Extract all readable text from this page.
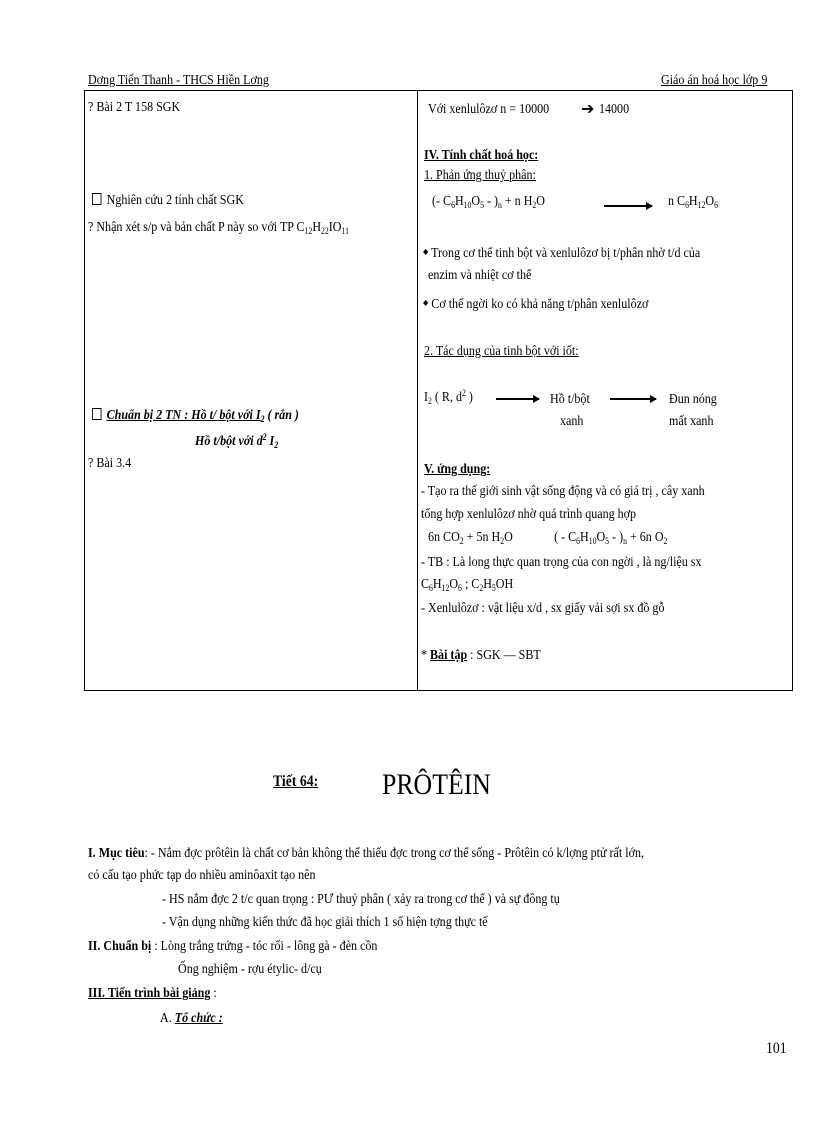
Dơng Tiến Thanh - THCS Hiền Lơng	Giáo án hoá học lớp 9
? Bài 2 T 158 SGK
Nghiên cứu 2 tính chất SGK
? Nhận xét s/p và bản chất P này so với TP $C_{12}H_{22}IO_{11}$
Chuẩn bị 2 TN : Hồ t/ bột với $I_2$ ( rắn )
Hồ t/bột với $d^2$ $I_2$
? Bài 3.4
Với xenlulôzơ n = 10000 ➔ 14000
IV. Tính chất hoá học:
1. Phản ứng thuỷ phân:
(- $C_6H_{10}O_5 - )_n + n$ $H_2O$	→ n $C_6H_{12}O_6$
◆ Trong cơ thể tinh bột và xenlulôzơ bị t/phân nhờ t/d của
enzim và nhiệt cơ thể
◆ Cơ thể ngời ko có khả năng t/phân xenlulôzơ
2. Tác dụng của tinh bột với iốt:
$I_2$ ( R, $d^2$ ) → Hồ t/bột
xanh
→ Đun nóng
mất xanh
V. ứng dụng:
- Tạo ra thế giới sinh vật sống động và có giá trị , cây xanh
tổng hợp xenlulôzơ nhờ quá trình quang hợp
6n $CO_2 + 5n$ $H_2O$	( - $C_6H_{10}O_5 - )_n + 6n$ $O_2$
- TB : Là long thực quan trọng của con ngời , là ng/liệu sx
$C_6H_{12}O_6$ ; $C_2H_5OH$
- Xenlulôzơ : vật liệu x/d , sx giấy vải sợi sx đồ gỗ
* Bài tập : SGK — SBT
Tiết 64: PRÔTÊIN
I. Mục tiêu: - Nắm đợc prôtêin là chất cơ bản không thể thiếu đợc trong cơ thể sống - Prôtêin có k/lợng ptử rất lớn,
có cấu tạo phức tạp do nhiều aminôaxit tạo nên
- HS nắm đợc 2 t/c quan trọng : PƯ thuỷ phân ( xảy ra trong cơ thể ) và sự đông tụ
- Vận dụng những kiến thức đã học giải thích 1 số hiện tợng thực tế
II. Chuẩn bị : Lòng trắng trứng - tóc rối - lông gà - đèn cồn
Ống nghiệm - rợu étylic- d/cụ
III. Tiến trình bài giảng :
A. Tổ chức :
101
